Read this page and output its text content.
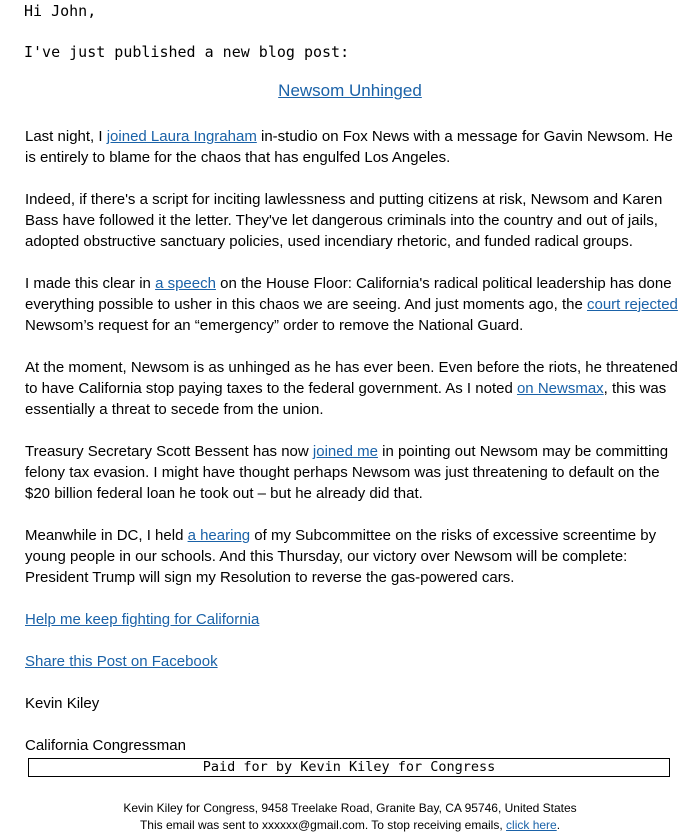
Hi John,
I've just published a new blog post:
Newsom Unhinged

Last night, I joined Laura Ingraham in-studio on Fox News with a message for Gavin Newsom. He is entirely to blame for the chaos that has engulfed Los Angeles.

Indeed, if there's a script for inciting lawlessness and putting citizens at risk, Newsom and Karen Bass have followed it the letter. They've let dangerous criminals into the country and out of jails, adopted obstructive sanctuary policies, used incendiary rhetoric, and funded radical groups.

I made this clear in a speech on the House Floor: California's radical political leadership has done everything possible to usher in this chaos we are seeing. And just moments ago, the court rejected Newsom’s request for an “emergency” order to remove the National Guard.

At the moment, Newsom is as unhinged as he has ever been. Even before the riots, he threatened to have California stop paying taxes to the federal government. As I noted on Newsmax, this was essentially a threat to secede from the union.

Treasury Secretary Scott Bessent has now joined me in pointing out Newsom may be committing felony tax evasion. I might have thought perhaps Newsom was just threatening to default on the $20 billion federal loan he took out – but he already did that.

Meanwhile in DC, I held a hearing of my Subcommittee on the risks of excessive screentime by young people in our schools. And this Thursday, our victory over Newsom will be complete: President Trump will sign my Resolution to reverse the gas-powered cars.

Help me keep fighting for California

Share this Post on Facebook

Kevin Kiley

California Congressman

Paid for by Kevin Kiley for Congress
Kevin Kiley for Congress, 9458 Treelake Road, Granite Bay, CA 95746, United States
This email was sent to xxxxxx@gmail.com. To stop receiving emails, click here.
